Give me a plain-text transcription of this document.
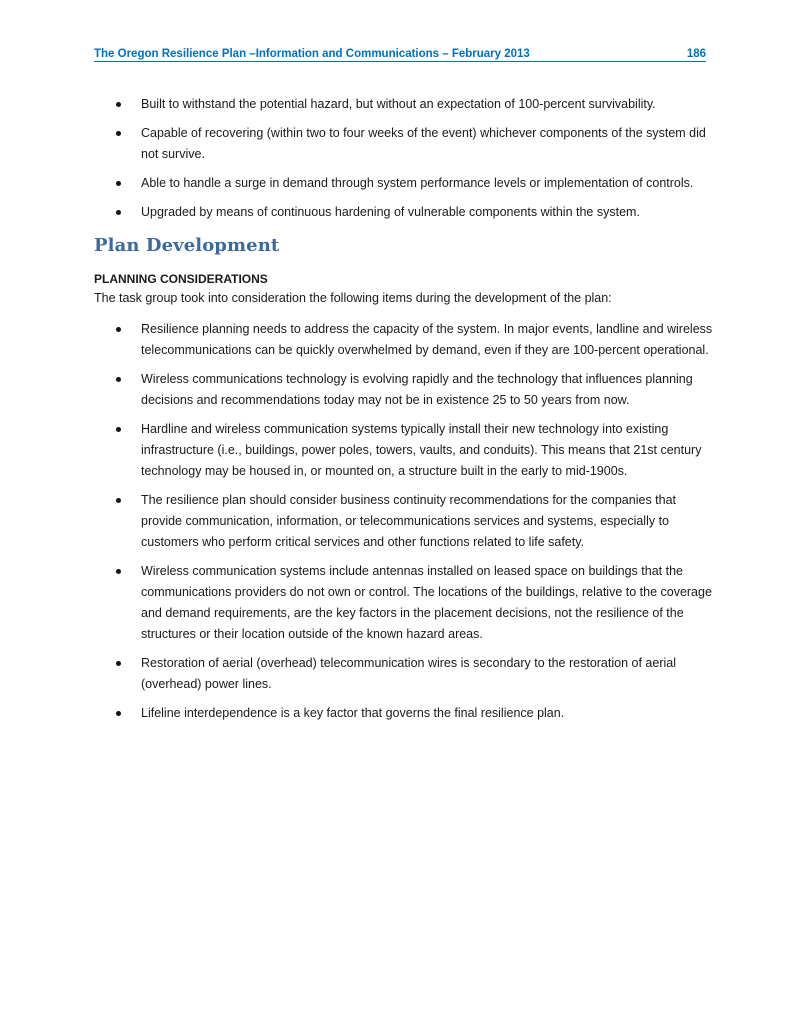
The Oregon Resilience Plan –Information and Communications – February 2013	186
Built to withstand the potential hazard, but without an expectation of 100-percent survivability.
Capable of recovering (within two to four weeks of the event) whichever components of the system did not survive.
Able to handle a surge in demand through system performance levels or implementation of controls.
Upgraded by means of continuous hardening of vulnerable components within the system.
Plan Development
PLANNING CONSIDERATIONS

The task group took into consideration the following items during the development of the plan:

Resilience planning needs to address the capacity of the system. In major events, landline and wireless telecommunications can be quickly overwhelmed by demand, even if they are 100-percent operational.
Wireless communications technology is evolving rapidly and the technology that influences planning decisions and recommendations today may not be in existence 25 to 50 years from now.
Hardline and wireless communication systems typically install their new technology into existing infrastructure (i.e., buildings, power poles, towers, vaults, and conduits). This means that 21st century technology may be housed in, or mounted on, a structure built in the early to mid-1900s.
The resilience plan should consider business continuity recommendations for the companies that provide communication, information, or telecommunications services and systems, especially to customers who perform critical services and other functions related to life safety.
Wireless communication systems include antennas installed on leased space on buildings that the communications providers do not own or control. The locations of the buildings, relative to the coverage and demand requirements, are the key factors in the placement decisions, not the resilience of the structures or their location outside of the known hazard areas.
Restoration of aerial (overhead) telecommunication wires is secondary to the restoration of aerial (overhead) power lines.
Lifeline interdependence is a key factor that governs the final resilience plan.
